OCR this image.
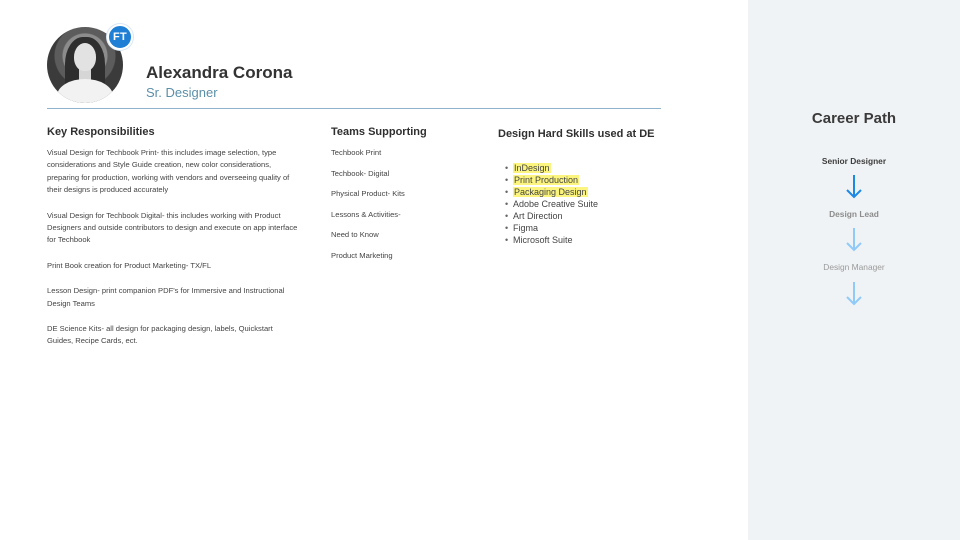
FT
Alexandra Corona
Sr. Designer
Key Responsibilities

Visual Design for Techbook Print- this includes image selection, type considerations and Style Guide creation, new color considerations, preparing for production, working with vendors and overseeing quality of their designs is produced accurately

Visual Design for Techbook Digital- this includes working with Product Designers and outside contributors to design and execute on app interface for Techbook

Print Book creation for Product Marketing- TX/FL

Lesson Design- print companion PDF's for Immersive and Instructional Design Teams

DE Science Kits- all design for packaging design, labels, Quickstart Guides, Recipe Cards, ect.

Teams Supporting
Techbook Print
Techbook- Digital
Physical Product- Kits
Lessons & Activities-
Need to Know
Product Marketing
Design Hard Skills used at DE
• InDesign
• Print Production
• Packaging Design
• Adobe Creative Suite
• Art Direction
• Figma
• Microsoft Suite
Career Path
Senior Designer
Design Lead
Design Manager
